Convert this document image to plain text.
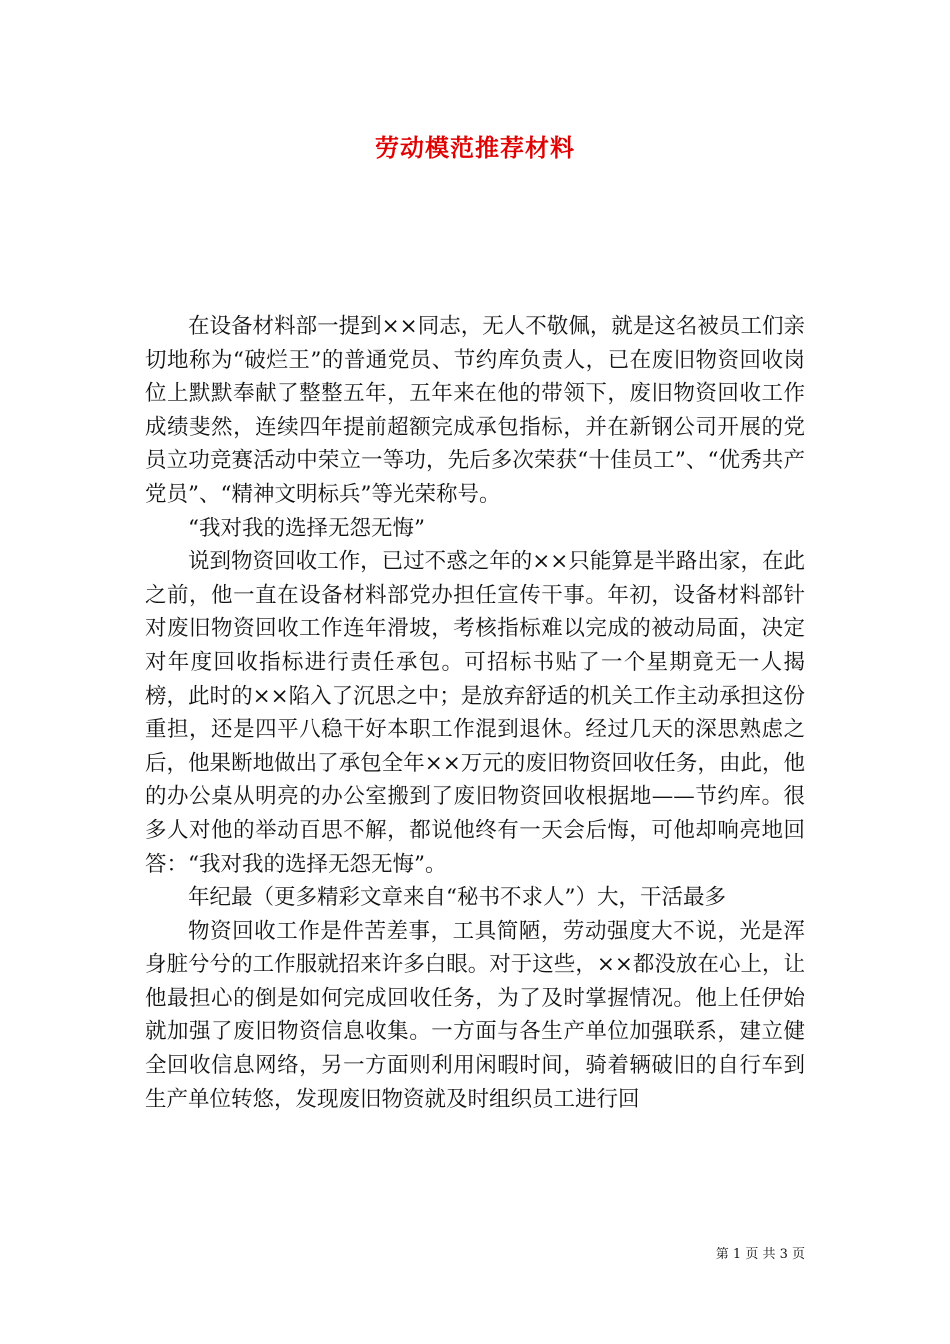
劳动模范推荐材料

在设备材料部一提到××同志，无人不敬佩，就是这名被员工们亲切地称为“破烂王”的普通党员、节约库负责人，已在废旧物资回收岗位上默默奉献了整整五年，五年来在他的带领下，废旧物资回收工作成绩斐然，连续四年提前超额完成承包指标，并在新钢公司开展的党员立功竞赛活动中荣立一等功，先后多次荣获“十佳员工”、“优秀共产党员”、“精神文明标兵”等光荣称号。

“我对我的选择无怨无悔”

说到物资回收工作，已过不惑之年的××只能算是半路出家，在此之前，他一直在设备材料部党办担任宣传干事。年初，设备材料部针对废旧物资回收工作连年滑坡，考核指标难以完成的被动局面，决定对年度回收指标进行责任承包。可招标书贴了一个星期竟无一人揭榜，此时的××陷入了沉思之中；是放弃舒适的机关工作主动承担这份重担，还是四平八稳干好本职工作混到退休。经过几天的深思熟虑之后，他果断地做出了承包全年××万元的废旧物资回收任务，由此，他的办公桌从明亮的办公室搬到了废旧物资回收根据地——节约库。很多人对他的举动百思不解，都说他终有一天会后悔，可他却响亮地回答：“我对我的选择无怨无悔”。

年纪最（更多精彩文章来自“秘书不求人”）大，干活最多

物资回收工作是件苦差事，工具简陋，劳动强度大不说，光是浑身脏兮兮的工作服就招来许多白眼。对于这些，××都没放在心上，让他最担心的倒是如何完成回收任务，为了及时掌握情况。他上任伊始就加强了废旧物资信息收集。一方面与各生产单位加强联系，建立健全回收信息网络，另一方面则利用闲暇时间，骑着辆破旧的自行车到生产单位转悠，发现废旧物资就及时组织员工进行回

第 1 页 共 3 页
